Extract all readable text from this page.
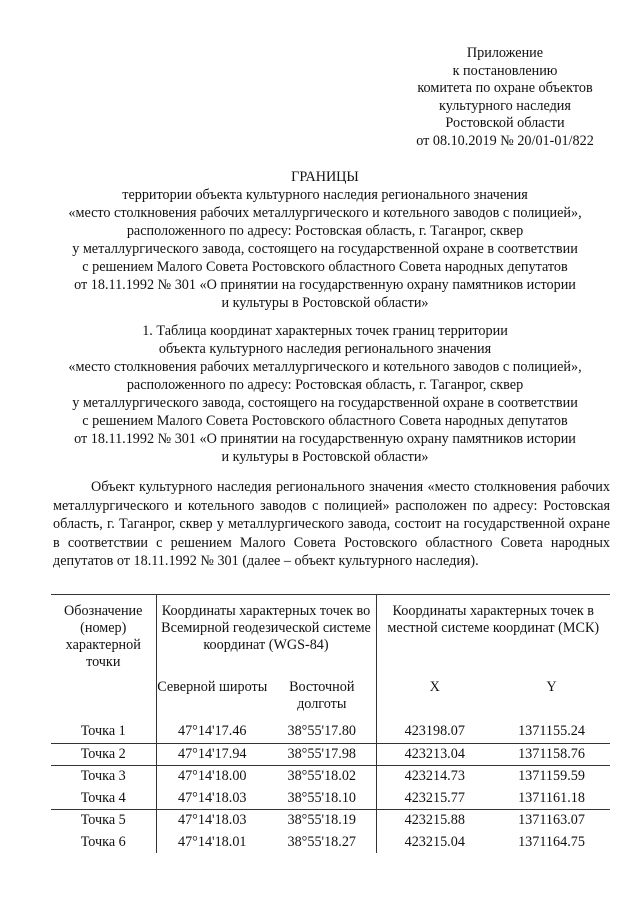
Приложение
к постановлению
комитета по охране объектов
культурного наследия
Ростовской области
от 08.10.2019 № 20/01-01/822
ГРАНИЦЫ
территории объекта культурного наследия регионального значения
«место столкновения рабочих металлургического и котельного заводов с полицией»,
расположенного по адресу: Ростовская область, г. Таганрог, сквер
у металлургического завода, состоящего на государственной охране в соответствии
с решением Малого Совета Ростовского областного Совета народных депутатов
от 18.11.1992 № 301 «О принятии на государственную охрану памятников истории
и культуры в Ростовской области»
1. Таблица координат характерных точек границ территории
объекта культурного наследия регионального значения
«место столкновения рабочих металлургического и котельного заводов с полицией»,
расположенного по адресу: Ростовская область, г. Таганрог, сквер
у металлургического завода, состоящего на государственной охране в соответствии
с решением Малого Совета Ростовского областного Совета народных депутатов
от 18.11.1992 № 301 «О принятии на государственную охрану памятников истории
и культуры в Ростовской области»
Объект культурного наследия регионального значения «место столкновения рабочих металлургического и котельного заводов с полицией» расположен по адресу: Ростовская область, г. Таганрог, сквер у металлургического завода, состоит на государственной охране в соответствии с решением Малого Совета Ростовского областного Совета народных депутатов от 18.11.1992 № 301 (далее – объект культурного наследия).
Обозначение (номер) характерной точки	Координаты характерных точек во Всемирной геодезической системе координат (WGS-84)		Координаты характерных точек в местной системе координат (МСК)	
	Северной широты	Восточной долготы	X	Y
Точка 1	47°14'17.46	38°55'17.80	423198.07	1371155.24
Точка 2	47°14'17.94	38°55'17.98	423213.04	1371158.76
Точка 3	47°14'18.00	38°55'18.02	423214.73	1371159.59
Точка 4	47°14'18.03	38°55'18.10	423215.77	1371161.18
Точка 5	47°14'18.03	38°55'18.19	423215.88	1371163.07
Точка 6	47°14'18.01	38°55'18.27	423215.04	1371164.75
